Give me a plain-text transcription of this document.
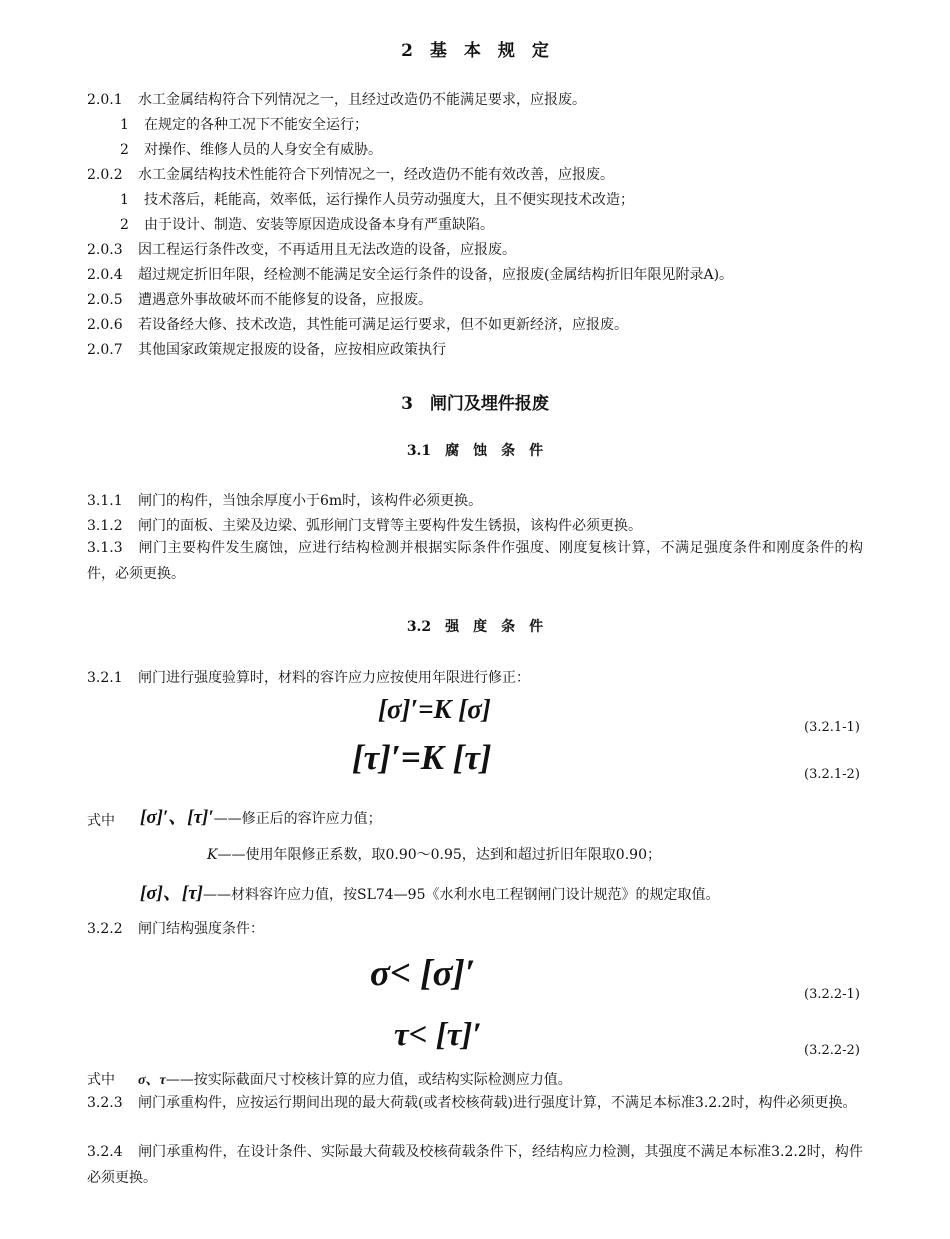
2　基　本　规　定
2.0.1 水工金属结构符合下列情况之一，且经过改造仍不能满足要求，应报废。
1 在规定的各种工况下不能安全运行；
2 对操作、维修人员的人身安全有威胁。
2.0.2 水工金属结构技术性能符合下列情况之一，经改造仍不能有效改善，应报废。
1 技术落后，耗能高，效率低，运行操作人员劳动强度大，且不便实现技术改造；
2 由于设计、制造、安装等原因造成设备本身有严重缺陷。
2.0.3 因工程运行条件改变，不再适用且无法改造的设备，应报废。
2.0.4 超过规定折旧年限，经检测不能满足安全运行条件的设备，应报废(金属结构折旧年限见附录A)。
2.0.5 遭遇意外事故破坏而不能修复的设备，应报废。
2.0.6 若设备经大修、技术改造，其性能可满足运行要求，但不如更新经济，应报废。
2.0.7 其他国家政策规定报废的设备，应按相应政策执行
3　闸门及埋件报废
3.1　腐　蚀　条　件
3.1.1 闸门的构件，当蚀余厚度小于6m时，该构件必须更换。
3.1.2 闸门的面板、主梁及边梁、弧形闸门支臂等主要构件发生锈损，该构件必须更换。
3.1.3 闸门主要构件发生腐蚀，应进行结构检测并根据实际条件作强度、刚度复核计算，不满足强度条件和刚度条件的构件，必须更换。
3.2　强　度　条　件
3.2.1 闸门进行强度验算时，材料的容许应力应按使用年限进行修正：
[σ]′=K [σ]
(3.2.1-1)
[τ]′=K [τ]	(3.2.1-2)
式中 [σ]′、[τ]′——修正后的容许应力值；
K——使用年限修正系数，取0.90～0.95，达到和超过折旧年限取0.90；
[σ]、[τ]——材料容许应力值，按SL74—95《水利水电工程钢闸门设计规范》的规定取值。
3.2.2 闸门结构强度条件：
σ< [σ]′
(3.2.2-1)
τ< [τ]′	(3.2.2-2)
式中 σ、τ——按实际截面尺寸校核计算的应力值，或结构实际检测应力值。
3.2.3 闸门承重构件，应按运行期间出现的最大荷载(或者校核荷载)进行强度计算，不满足本标准3.2.2时，构件必须更换。
3.2.4 闸门承重构件，在设计条件、实际最大荷载及校核荷载条件下，经结构应力检测，其强度不满足本标准3.2.2时，构件必须更换。
